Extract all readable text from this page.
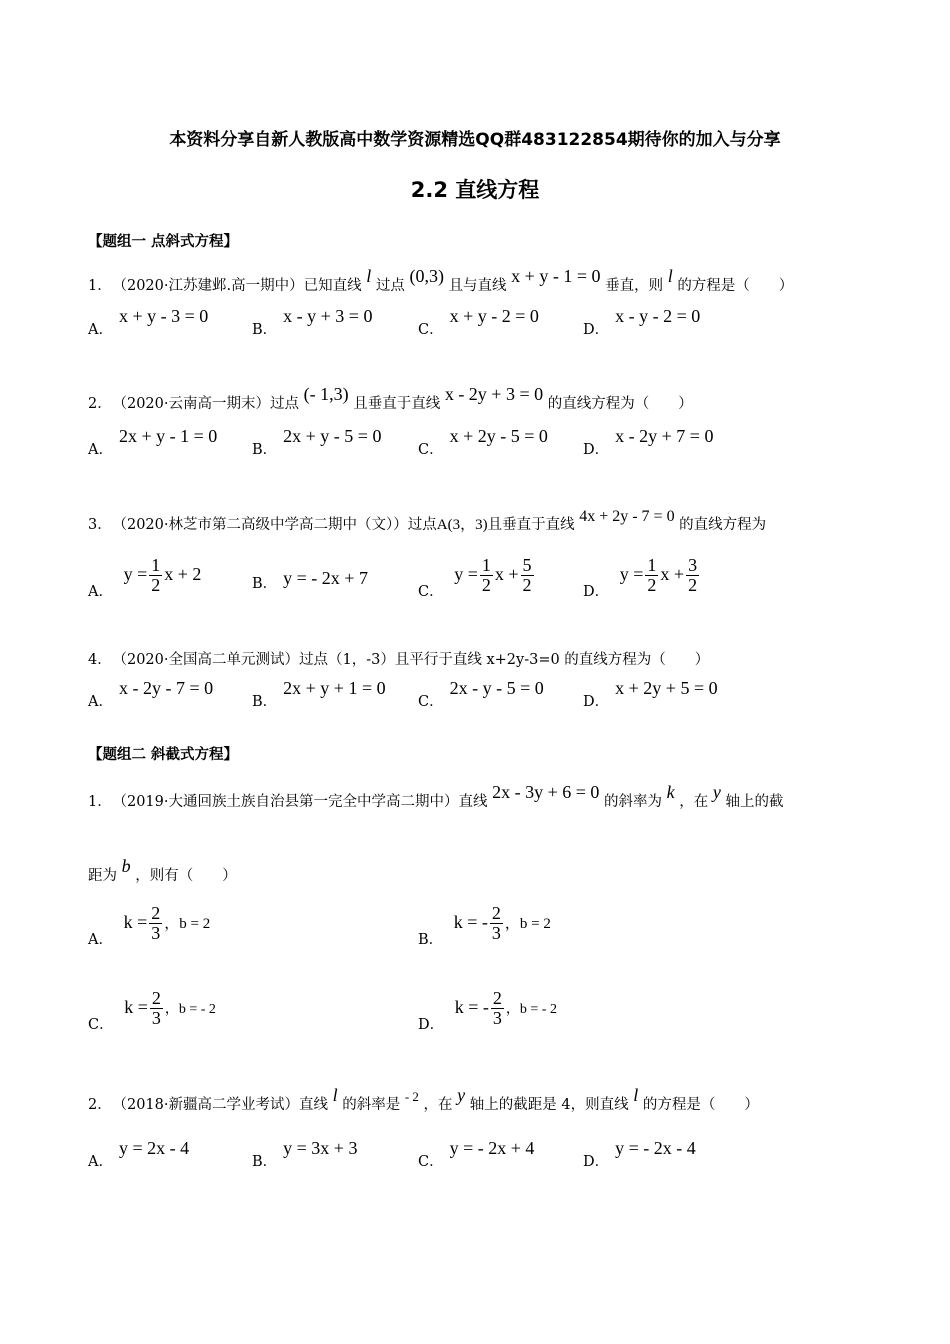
本资料分享自新人教版高中数学资源精选QQ群483122854期待你的加入与分享
2.2 直线方程
【题组一 点斜式方程】
1． （2020·江苏建邺.高一期中）已知直线 l 过点 (0,3) 且与直线 x + y - 1 = 0 垂直，则 l 的方程是（　　）
A．x + y - 3 = 0
B．x - y + 3 = 0
C．x + y - 2 = 0
D．x - y - 2 = 0
2． （2020·云南高一期末）过点 (- 1,3) 且垂直于直线 x - 2y + 3 = 0 的直线方程为（　　）
A．2x + y - 1 = 0
B．2x + y - 5 = 0
C．x + 2y - 5 = 0
D．x - 2y + 7 = 0
3． （2020·林芝市第二高级中学高二期中（文））过点A(3，3)且垂直于直线 4x + 2y - 7 = 0 的直线方程为
A． $y = \frac{1}{2}$ x + 2
B． y = - 2x + 7
C． $y = \frac{1}{2}$ $x + \frac{5}{2}$	D． $y = \frac{1}{2}$ $x + \frac{3}{2}$
4． （2020·全国高二单元测试）过点（1，-3）且平行于直线 x+2y-3=0 的直线方程为（　　）
A．x - 2y - 7 = 0
B．2x + y + 1 = 0
C．2x - y - 5 = 0
D．x + 2y + 5 = 0
【题组二 斜截式方程】
1． （2019·大通回族土族自治县第一完全中学高二期中）直线 2x - 3y + 6 = 0 的斜率为 k ，在 y 轴上的截
距为 b ，则有（　　）
A． $k = \frac{2}{3}$ ，b = 2
B． k = - $\frac{2}{3}$ ，b = 2
C． $k = \frac{2}{3}$ ，b = - 2
D． k = - $\frac{2}{3}$ ，b = - 2
2． （2018·新疆高二学业考试）直线 l 的斜率是 - 2 ，在 y 轴上的截距是 4，则直线 l 的方程是（　　）
A．y = 2x - 4
B．y = 3x + 3
C．y = - 2x + 4
D．y = - 2x - 4
